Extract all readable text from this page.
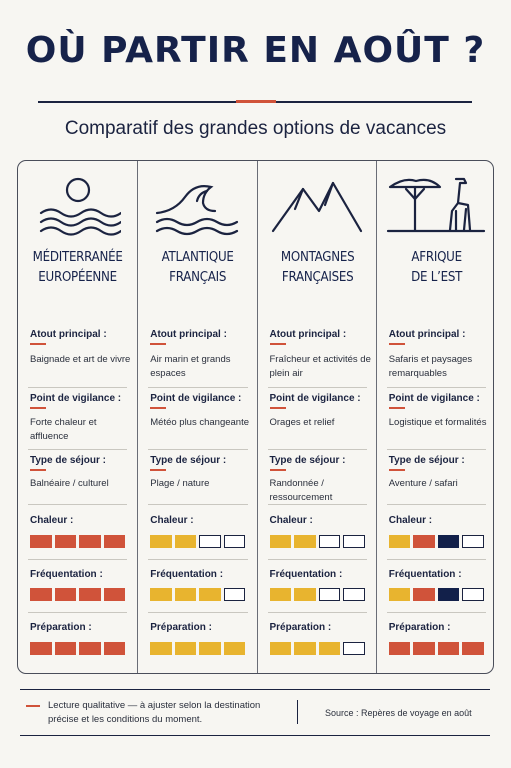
OÙ PARTIR EN AOÛT ?
Comparatif des grandes options de vacances
MÉDITERRANÉE
EUROPÉENNE
Atout principal :
Baignade et art de vivre
Point de vigilance :
Forte chaleur et affluence
Type de séjour :
Balnéaire / culturel
Chaleur :
Fréquentation :
Préparation :
ATLANTIQUE
FRANÇAIS
Atout principal :
Air marin et grands espaces
Point de vigilance :
Météo plus changeante
Type de séjour :
Plage / nature
Chaleur :
Fréquentation :
Préparation :
MONTAGNES
FRANÇAISES
Atout principal :
Fraîcheur et activités de plein air
Point de vigilance :
Orages et relief
Type de séjour :
Randonnée / ressourcement
Chaleur :
Fréquentation :
Préparation :
AFRIQUE
DE L’EST
Atout principal :
Safaris et paysages remarquables
Point de vigilance :
Logistique et formalités
Type de séjour :
Aventure / safari
Chaleur :
Fréquentation :
Préparation :
Lecture qualitative — à ajuster selon la destination précise et les conditions du moment.
Source : Repères de voyage en août
